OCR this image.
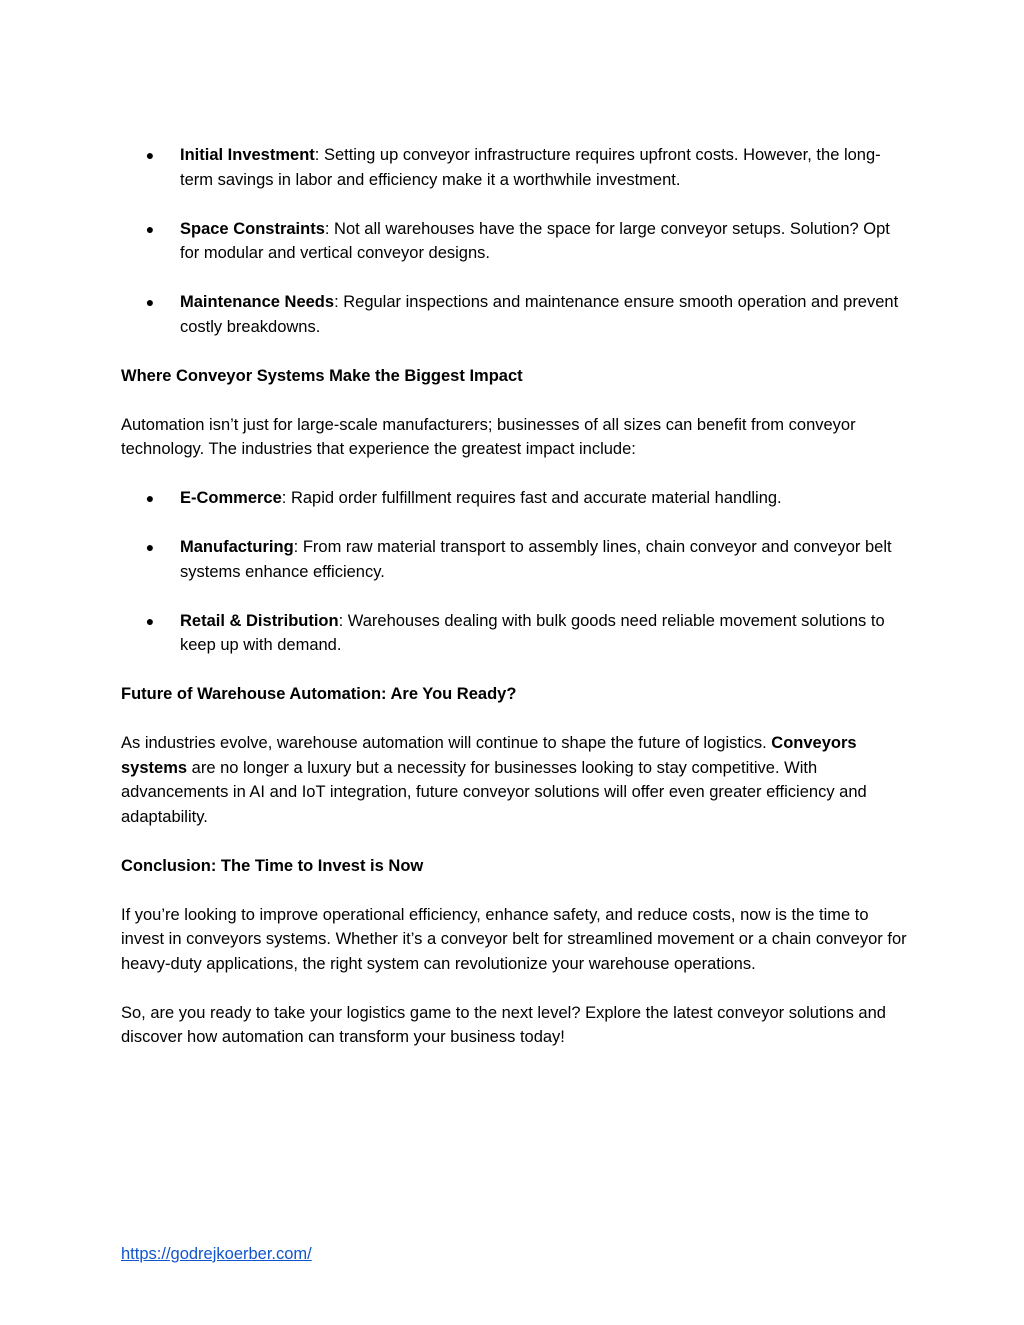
●	Initial Investment: Setting up conveyor infrastructure requires upfront costs. However, the long-term savings in labor and efficiency make it a worthwhile investment.
●	Space Constraints: Not all warehouses have the space for large conveyor setups. Solution? Opt for modular and vertical conveyor designs.
●	Maintenance Needs: Regular inspections and maintenance ensure smooth operation and prevent costly breakdowns.
Where Conveyor Systems Make the Biggest Impact

Automation isn’t just for large-scale manufacturers; businesses of all sizes can benefit from conveyor technology. The industries that experience the greatest impact include:

●	E-Commerce: Rapid order fulfillment requires fast and accurate material handling.
●	Manufacturing: From raw material transport to assembly lines, chain conveyor and conveyor belt systems enhance efficiency.
●	Retail & Distribution: Warehouses dealing with bulk goods need reliable movement solutions to keep up with demand.
Future of Warehouse Automation: Are You Ready?

As industries evolve, warehouse automation will continue to shape the future of logistics. Conveyors systems are no longer a luxury but a necessity for businesses looking to stay competitive. With advancements in AI and IoT integration, future conveyor solutions will offer even greater efficiency and adaptability.

Conclusion: The Time to Invest is Now

If you’re looking to improve operational efficiency, enhance safety, and reduce costs, now is the time to invest in conveyors systems. Whether it’s a conveyor belt for streamlined movement or a chain conveyor for heavy-duty applications, the right system can revolutionize your warehouse operations.

So, are you ready to take your logistics game to the next level? Explore the latest conveyor solutions and discover how automation can transform your business today!

https://godrejkoerber.com/
